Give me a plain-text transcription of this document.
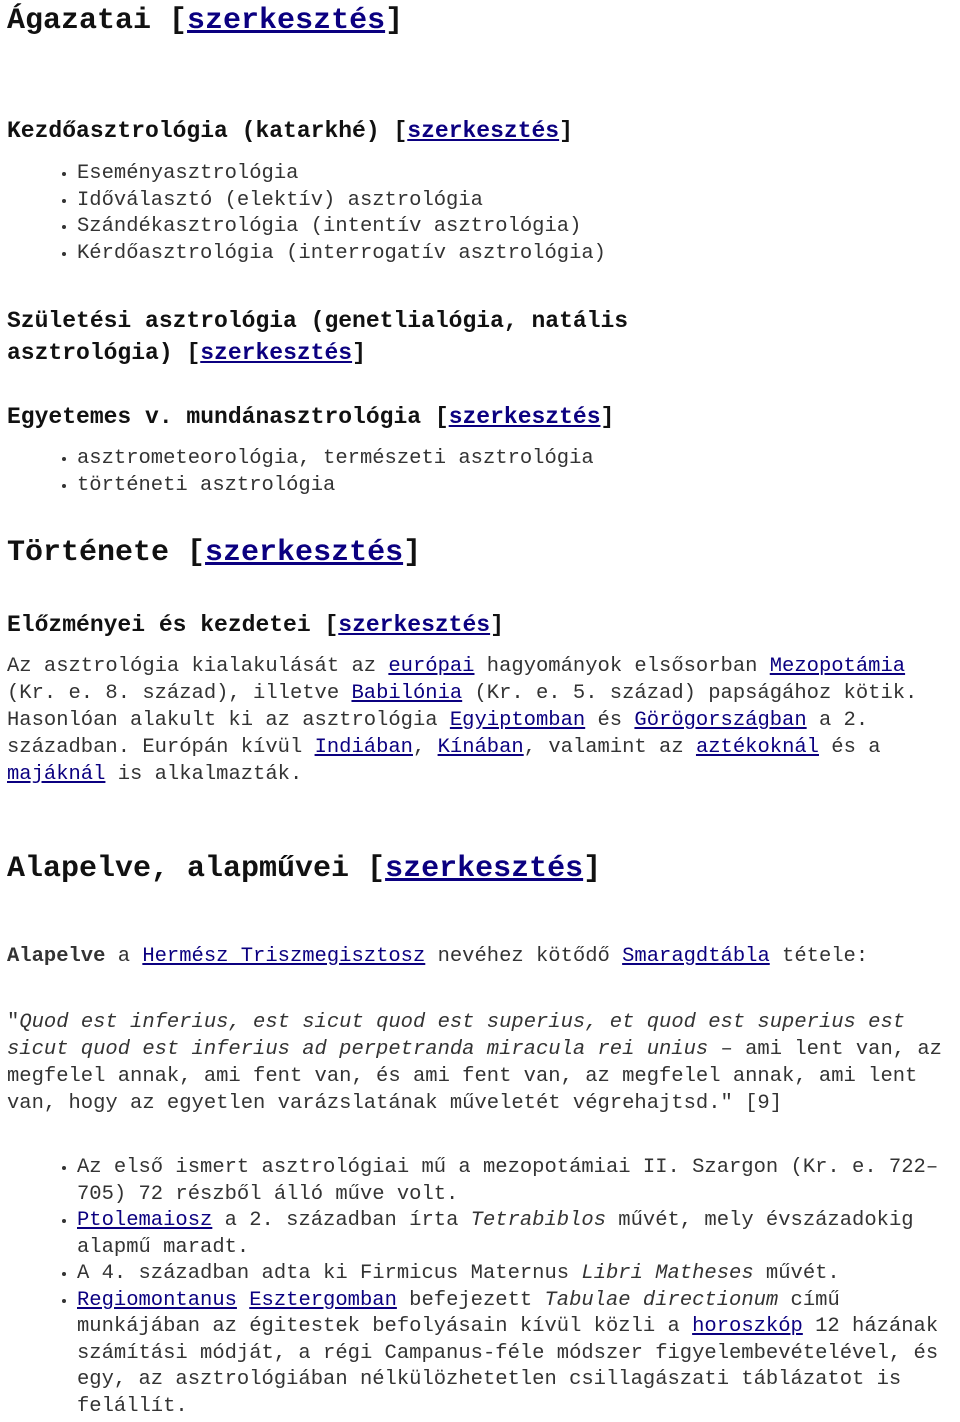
Ágazatai [szerkesztés]
Kezdőasztrológia (katarkhé) [szerkesztés]
• Eseményasztrológia
• Időválasztó (elektív) asztrológia
• Szándékasztrológia (intentív asztrológia)
• Kérdőasztrológia (interrogatív asztrológia)
Születési asztrológia (genetlialógia, natális
asztrológia) [szerkesztés]
Egyetemes v. mundánasztrológia [szerkesztés]
• asztrometeorológia, természeti asztrológia
• történeti asztrológia
Története [szerkesztés]
Előzményei és kezdetei [szerkesztés]

Az asztrológia kialakulását az európai hagyományok elsősorban Mezopotámia (Kr. e. 8. század), illetve Babilónia (Kr. e. 5. század) papságához kötik. Hasonlóan alakult ki az asztrológia Egyiptomban és Görögországban a 2. században. Európán kívül Indiában, Kínában, valamint az aztékoknál és a majáknál is alkalmazták.

Alapelve, alapművei [szerkesztés]

Alapelve a Hermész Triszmegisztosz nevéhez kötődő Smaragdtábla tétele:

"Quod est inferius, est sicut quod est superius, et quod est superius est sicut quod est inferius ad perpetranda miracula rei unius – ami lent van, az megfelel annak, ami fent van, és ami fent van, az megfelel annak, ami lent van, hogy az egyetlen varázslatának műveletét végrehajtsd." [9]

• Az első ismert asztrológiai mű a mezopotámiai II. Szargon (Kr. e. 722–705) 72 részből álló műve volt.
• Ptolemaiosz a 2. században írta Tetrabiblos művét, mely évszázadokig alapmű maradt.
• A 4. században adta ki Firmicus Maternus Libri Matheses művét.
• Regiomontanus Esztergomban befejezett Tabulae directionum című munkájában az égitestek befolyásain kívül közli a horoszkóp 12 házának számítási módját, a régi Campanus-féle módszer figyelembevételével, és egy, az asztrológiában nélkülözhetetlen csillagászati táblázatot is felállít.
